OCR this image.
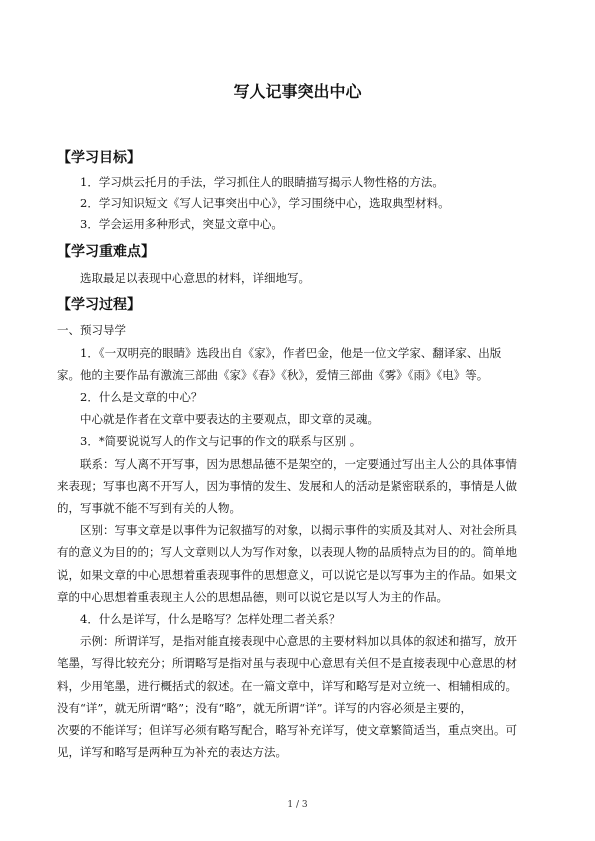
写人记事突出中心
【学习目标】
1．学习烘云托月的手法，学习抓住人的眼睛描写揭示人物性格的方法。
2．学习知识短文《写人记事突出中心》，学习围绕中心，选取典型材料。
3．学会运用多种形式，突显文章中心。
【学习重难点】
选取最足以表现中心意思的材料，详细地写。
【学习过程】
一、预习导学
1．《一双明亮的眼睛》选段出自《家》，作者巴金，他是一位文学家、翻译家、出版
家。他的主要作品有激流三部曲《家》《春》《秋》，爱情三部曲《雾》《雨》《电》等。
2．什么是文章的中心？
中心就是作者在文章中要表达的主要观点，即文章的灵魂。
3．*简要说说写人的作文与记事的作文的联系与区别 。
联系：写人离不开写事，因为思想品德不是架空的，一定要通过写出主人公的具体事情
来表现；写事也离不开写人，因为事情的发生、发展和人的活动是紧密联系的，事情是人做
的，写事就不能不写到有关的人物。
区别：写事文章是以事件为记叙描写的对象，以揭示事件的实质及其对人、对社会所具
有的意义为目的的；写人文章则以人为写作对象，以表现人物的品质特点为目的的。简单地
说，如果文章的中心思想着重表现事件的思想意义，可以说它是以写事为主的作品。如果文
章的中心思想着重表现主人公的思想品德，则可以说它是以写人为主的作品。
4．什么是详写，什么是略写？怎样处理二者关系？
示例：所谓详写，是指对能直接表现中心意思的主要材料加以具体的叙述和描写，放开
笔墨，写得比较充分；所谓略写是指对虽与表现中心意思有关但不是直接表现中心意思的材
料，少用笔墨，进行概括式的叙述。在一篇文章中，详写和略写是对立统一、相辅相成的。
没有“详”，就无所谓“略”；没有“略”，就无所谓“详”。详写的内容必须是主要的，
次要的不能详写；但详写必须有略写配合，略写补充详写，使文章繁简适当，重点突出。可
见，详写和略写是两种互为补充的表达方法。
1 / 3
